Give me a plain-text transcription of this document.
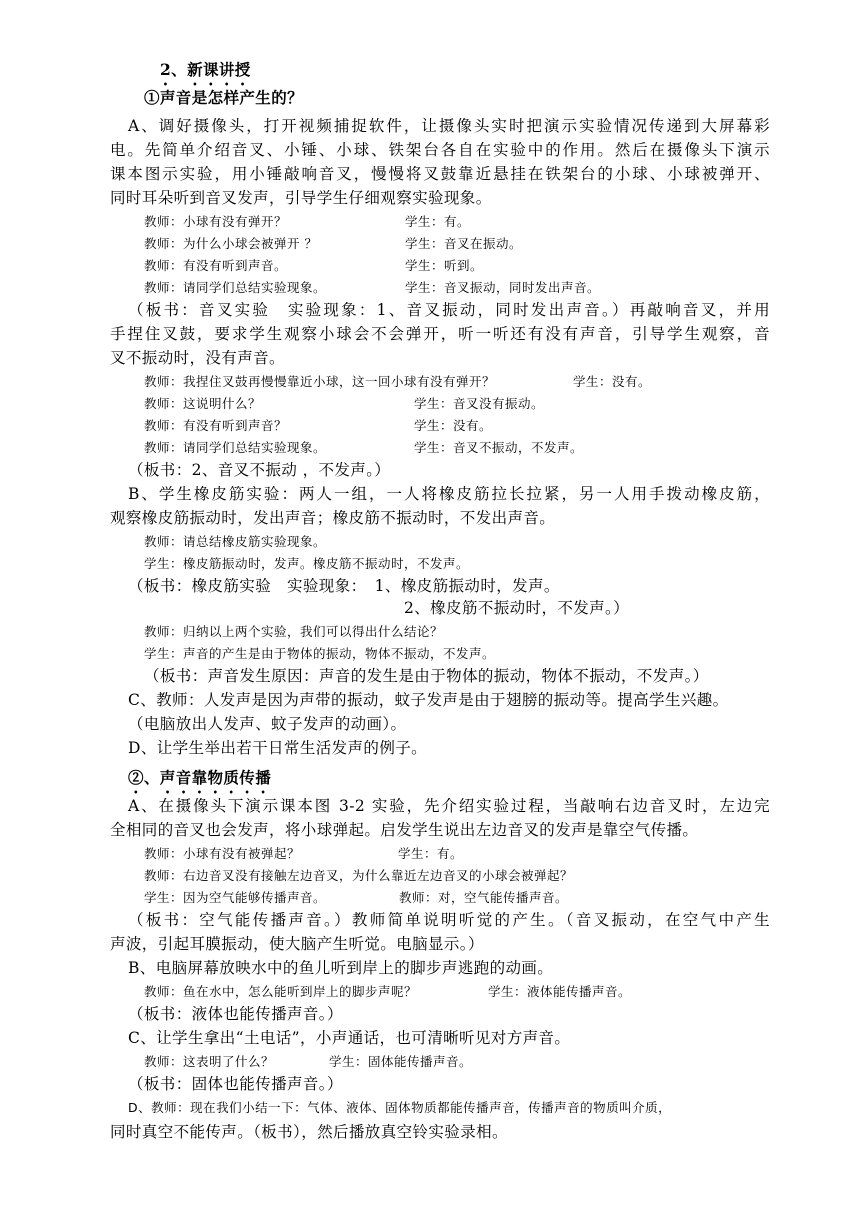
2、新课讲授
①声音是怎样产生的？
A、调好摄像头，打开视频捕捉软件，让摄像头实时把演示实验情况传递到大屏幕彩
电。先简单介绍音叉、小锤、小球、铁架台各自在实验中的作用。然后在摄像头下演示
课本图示实验，用小锤敲响音叉，慢慢将叉鼓靠近悬挂在铁架台的小球、小球被弹开、
同时耳朵听到音叉发声，引导学生仔细观察实验现象。
教师：小球有没有弹开？	学生：有。
教师：为什么小球会被弹开 ？	学生：音叉在振动。
教师：有没有听到声音。	学生：听到。
教师：请同学们总结实验现象。	学生：音叉振动，同时发出声音。
（板书：音叉实验　实验现象：1、音叉振动，同时发出声音。）再敲响音叉，并用
手捏住叉鼓，要求学生观察小球会不会弹开，听一听还有没有声音，引导学生观察，音
叉不振动时，没有声音。
教师：我捏住叉鼓再慢慢靠近小球，这一回小球有没有弹开？	学生：没有。
教师：这说明什么？	学生：音叉没有振动。
教师：有没有听到声音？	学生：没有。
教师：请同学们总结实验现象。	学生：音叉不振动，不发声。
（板书：2、音叉不振动 ，不发声。）
B、学生橡皮筋实验：两人一组，一人将橡皮筋拉长拉紧，另一人用手拨动橡皮筋，
观察橡皮筋振动时，发出声音；橡皮筋不振动时，不发出声音。
教师：请总结橡皮筋实验现象。
学生：橡皮筋振动时，发声。橡皮筋不振动时，不发声。
（板书：橡皮筋实验　实验现象：　1、橡皮筋振动时，发声。
2、橡皮筋不振动时，不发声。）
教师：归纳以上两个实验，我们可以得出什么结论？
学生：声音的产生是由于物体的振动，物体不振动，不发声。
（板书：声音发生原因：声音的发生是由于物体的振动，物体不振动，不发声。）
C、教师：人发声是因为声带的振动，蚊子发声是由于翅膀的振动等。提高学生兴趣。
（电脑放出人发声、蚊子发声的动画）。
D、让学生举出若干日常生活发声的例子。
②、声音靠物质传播
A、在摄像头下演示课本图 3-2 实验，先介绍实验过程，当敲响右边音叉时，左边完
全相同的音叉也会发声，将小球弹起。启发学生说出左边音叉的发声是靠空气传播。
教师：小球有没有被弹起？	学生：有。
教师：右边音叉没有接触左边音叉，为什么靠近左边音叉的小球会被弹起？
学生：因为空气能够传播声音。	教师：对，空气能传播声音。
（板书：空气能传播声音。）教师简单说明听觉的产生。（音叉振动，在空气中产生
声波，引起耳膜振动，使大脑产生听觉。电脑显示。）
B、电脑屏幕放映水中的鱼儿听到岸上的脚步声逃跑的动画。
教师：鱼在水中，怎么能听到岸上的脚步声呢？	学生：液体能传播声音。
（板书：液体也能传播声音。）
C、让学生拿出“土电话”，小声通话，也可清晰听见对方声音。
教师：这表明了什么？	学生：固体能传播声音。
（板书：固体也能传播声音。）
D、教师：现在我们小结一下：气体、液体、固体物质都能传播声音，传播声音的物质叫介质，
同时真空不能传声。（板书），然后播放真空铃实验录相。
